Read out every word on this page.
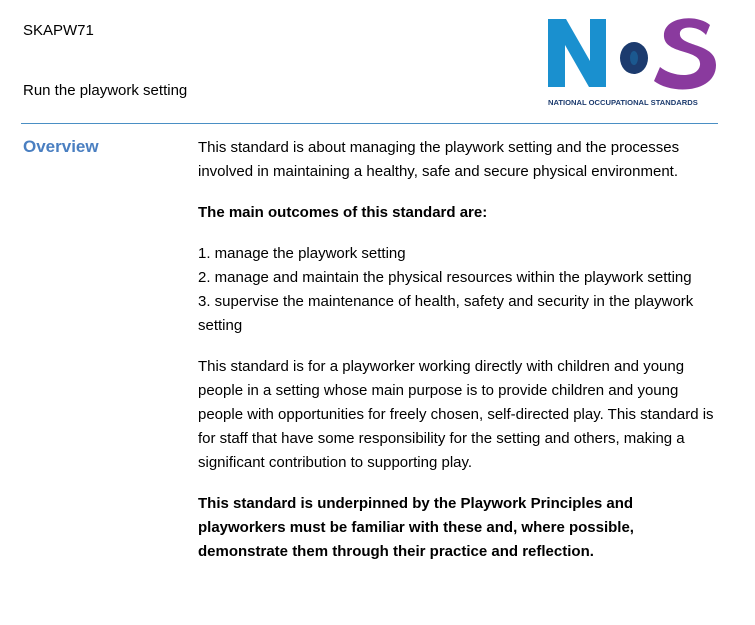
SKAPW71
Run the playwork setting
NATIONAL OCCUPATIONAL STANDARDS
Overview	This standard is about managing the playwork setting and the processes involved in maintaining a healthy, safe and secure physical environment.

The main outcomes of this standard are:

1. manage the playwork setting

2. manage and maintain the physical resources within the playwork setting

3. supervise the maintenance of health, safety and security in the playwork setting

This standard is for a playworker working directly with children and young people in a setting whose main purpose is to provide children and young people with opportunities for freely chosen, self-directed play. This standard is for staff that have some responsibility for the setting and others, making a significant contribution to supporting play.

This standard is underpinned by the Playwork Principles and playworkers must be familiar with these and, where possible, demonstrate them through their practice and reflection.
